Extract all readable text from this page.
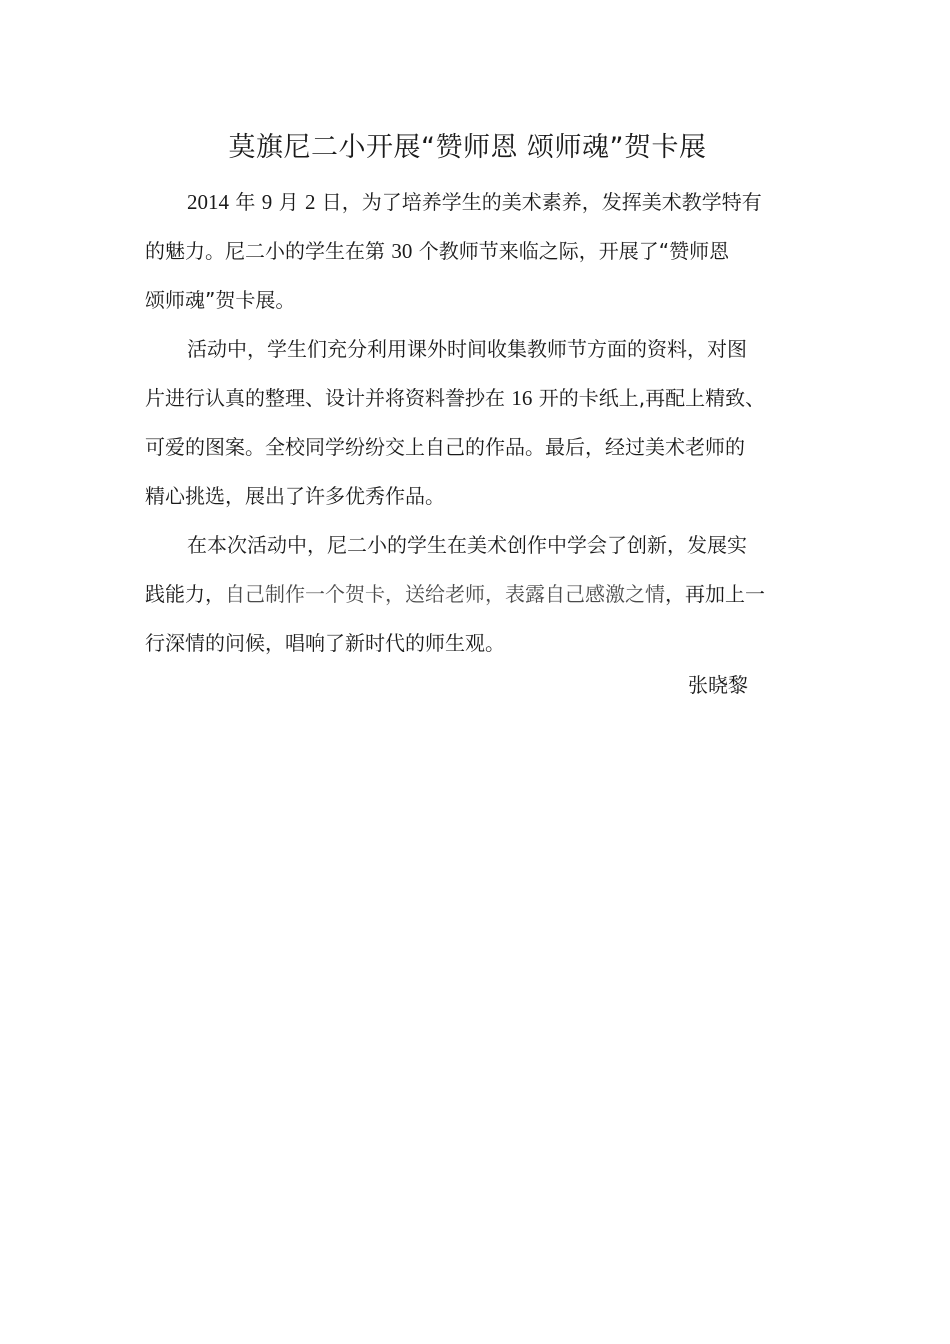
莫旗尼二小开展“赞师恩 颂师魂”贺卡展

2014 年 9 月 2 日，为了培养学生的美术素养，发挥美术教学特有
的魅力。尼二小的学生在第 30 个教师节来临之际，开展了“赞师恩
颂师魂”贺卡展。

活动中，学生们充分利用课外时间收集教师节方面的资料，对图
片进行认真的整理、设计并将资料誊抄在 16 开的卡纸上,再配上精致、
可爱的图案。全校同学纷纷交上自己的作品。最后，经过美术老师的
精心挑选，展出了许多优秀作品。

在本次活动中，尼二小的学生在美术创作中学会了创新，发展实
践能力，自己制作一个贺卡，送给老师，表露自己感激之情，再加上一
行深情的问候，唱响了新时代的师生观。

张晓黎
